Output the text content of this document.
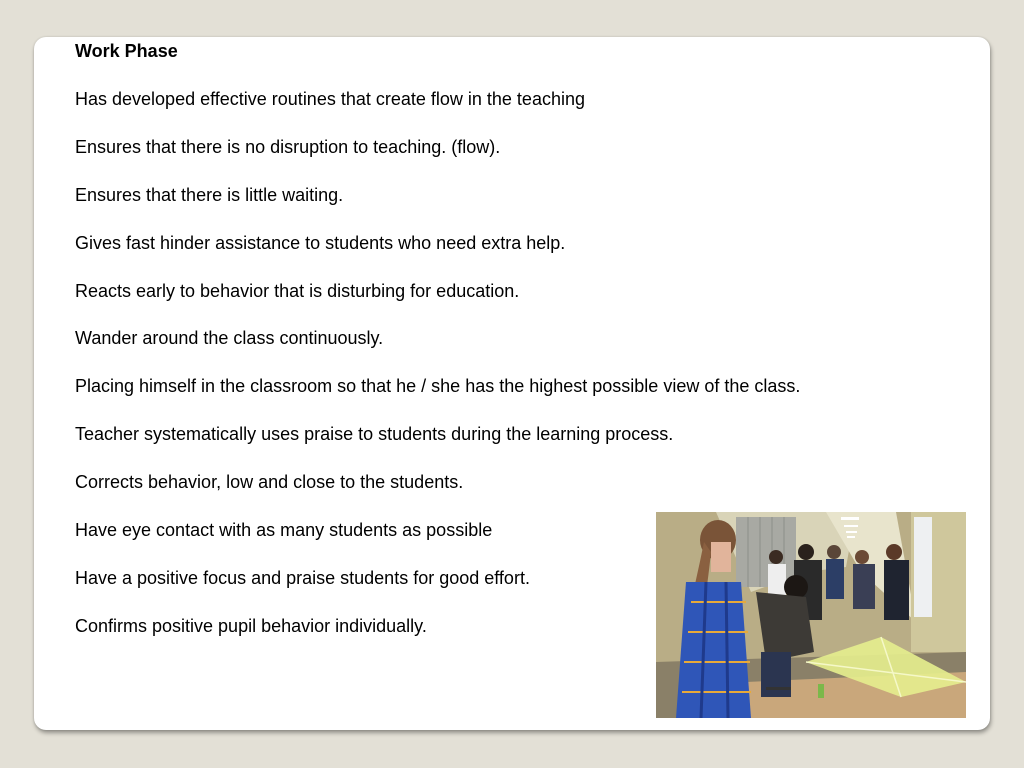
Work Phase
Has developed effective routines that create flow in the teaching
Ensures that there is no disruption to teaching. (flow).
Ensures that there is little waiting.
Gives fast hinder assistance to students who need extra help.
Reacts early to behavior that is disturbing for education.
Wander around the class continuously.
Placing himself in the classroom so that he / she has the highest possible view of the class.
Teacher systematically uses praise to students during the learning process.
Corrects behavior, low and close to the students.
Have eye contact with as many students as possible
Have a positive focus and praise students for good effort.
Confirms positive pupil behavior individually.
